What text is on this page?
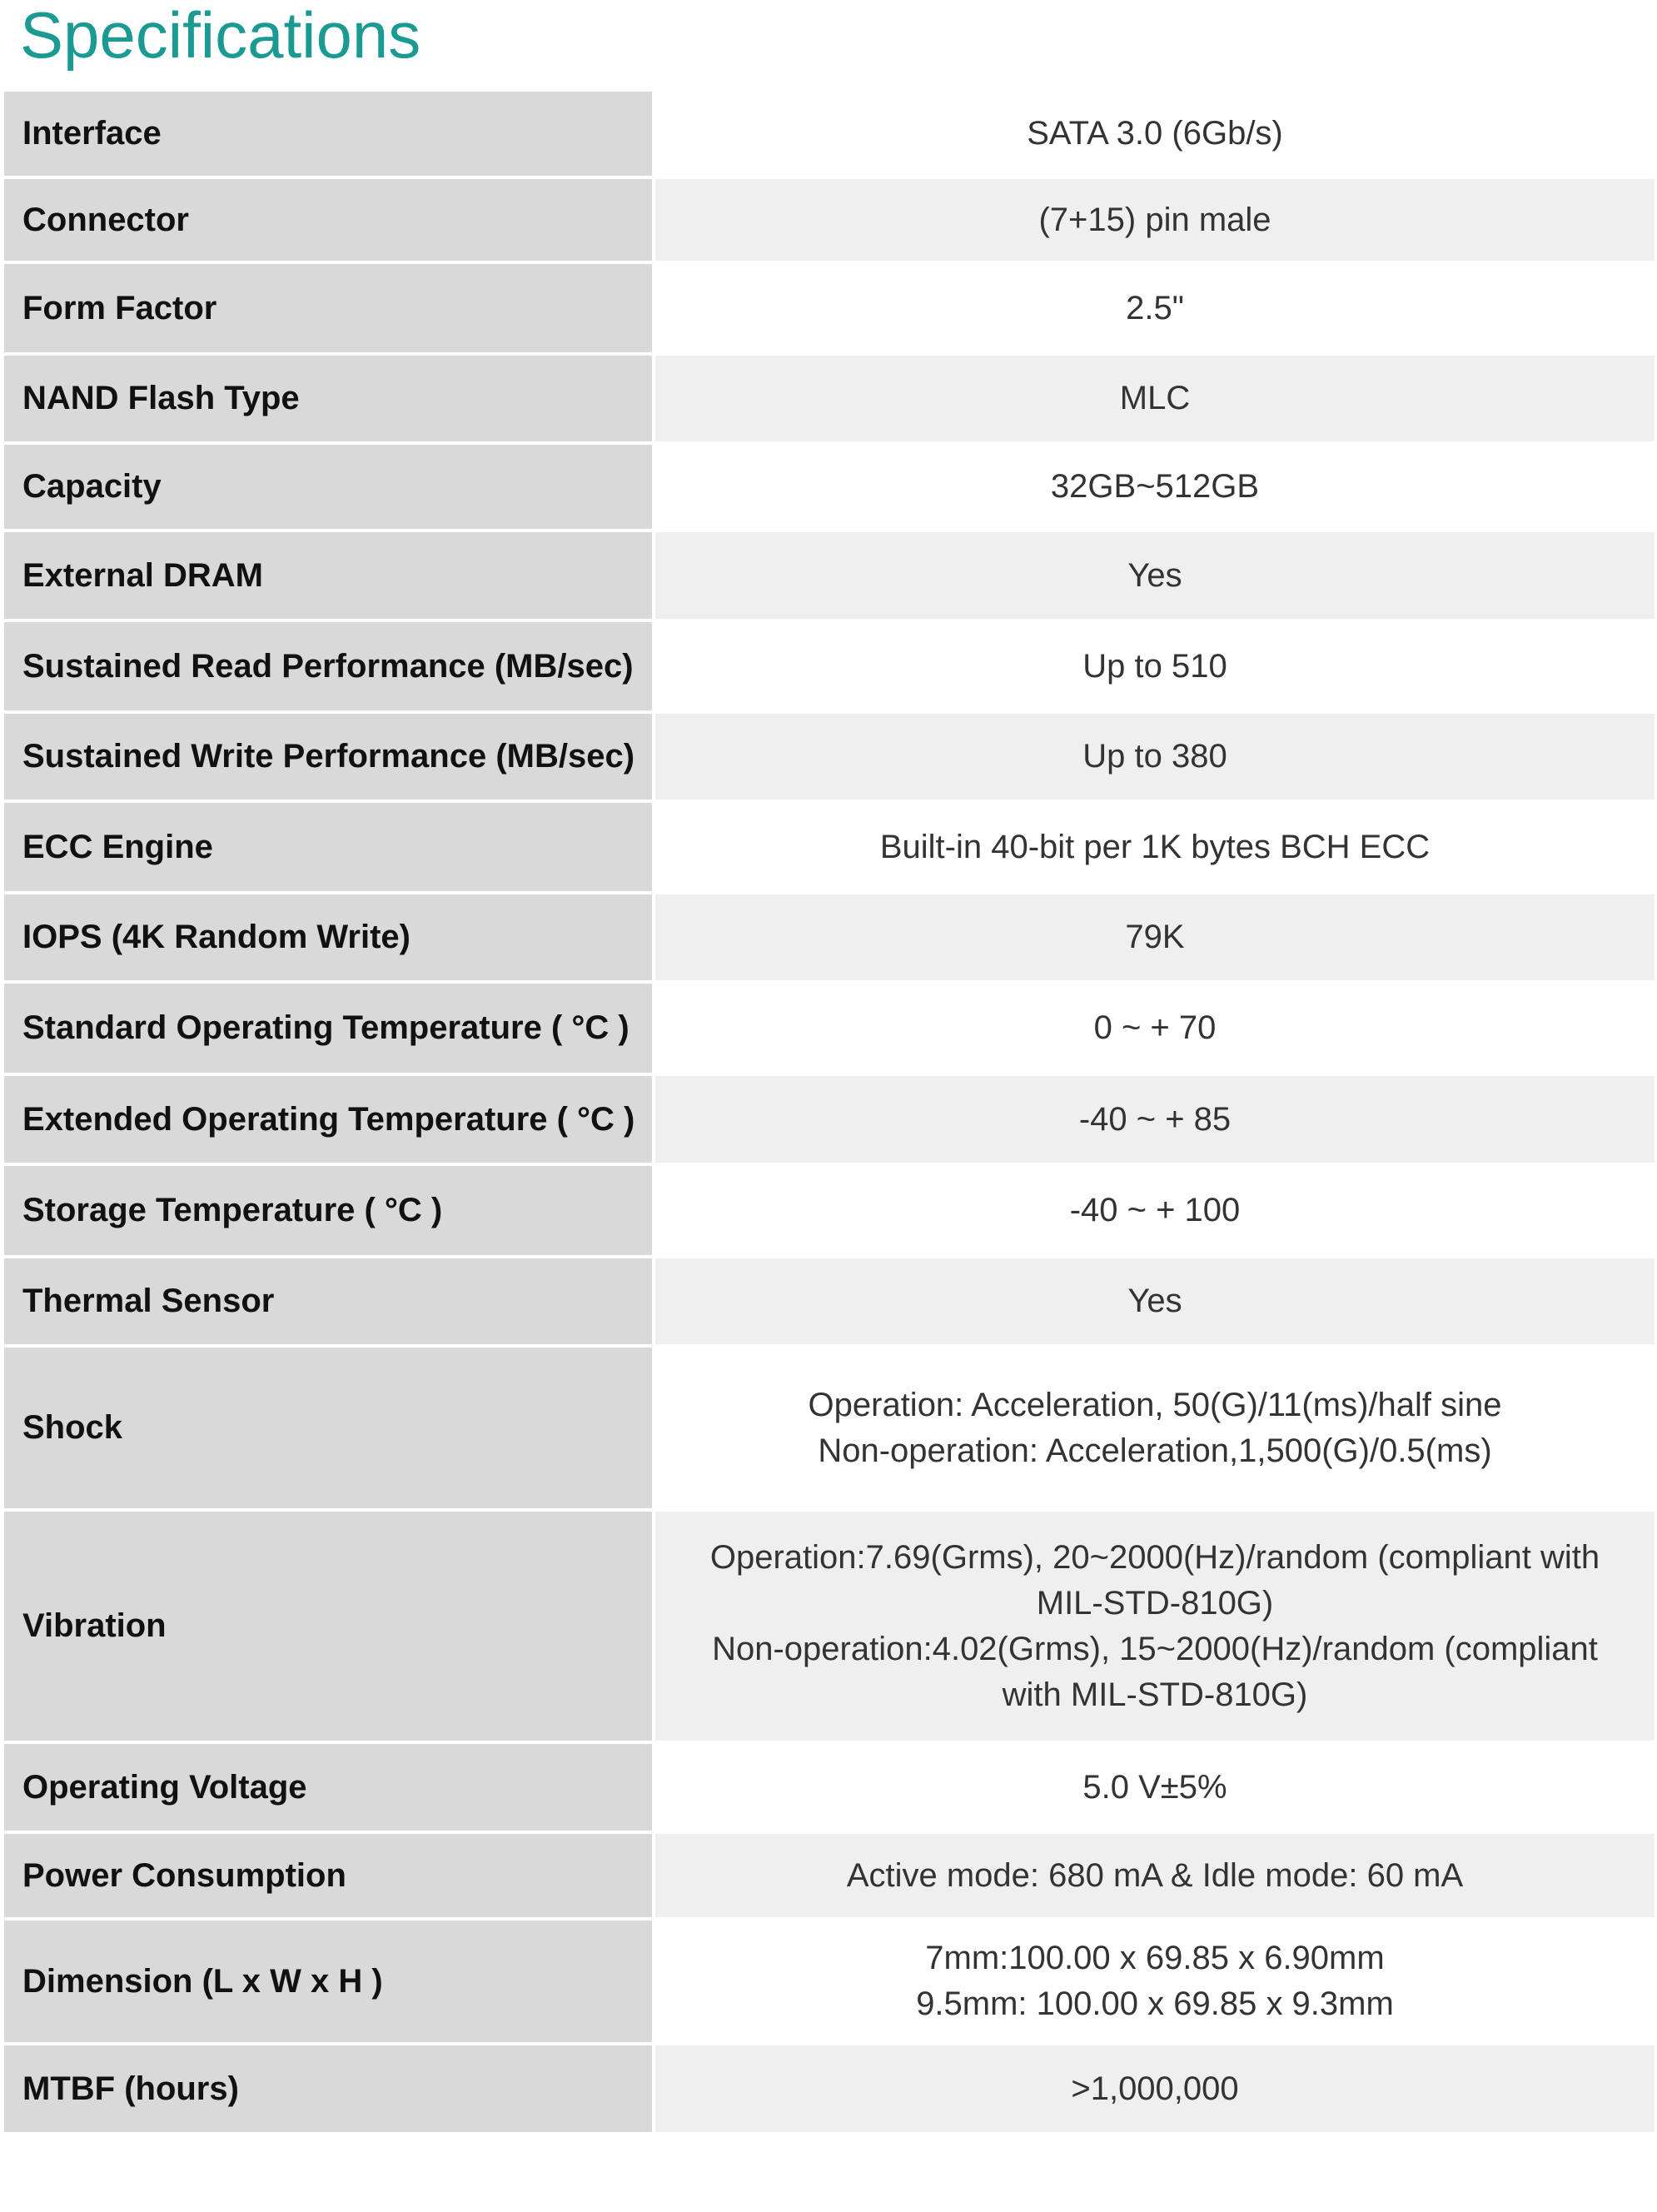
Specifications
Interface		SATA 3.0 (6Gb/s)

Connector		(7+15) pin male

Form Factor		2.5"

NAND Flash Type		MLC

Capacity		32GB~512GB

External DRAM		Yes

Sustained Read Performance (MB/sec)		Up to 510

Sustained Write Performance (MB/sec)		Up to 380

ECC Engine		Built-in 40-bit per 1K bytes BCH ECC

IOPS (4K Random Write)		79K

Standard Operating Temperature ( °C )		0 ~ + 70

Extended Operating Temperature ( °C )		-40 ~ + 85

Storage Temperature ( °C )		-40 ~ + 100

Thermal Sensor		Yes

Shock		Operation: Acceleration, 50(G)/11(ms)/half sine
Non-operation: Acceleration,1,500(G)/0.5(ms)

Vibration		Operation:7.69(Grms), 20~2000(Hz)/random (compliant with
MIL-STD-810G)
Non-operation:4.02(Grms), 15~2000(Hz)/random (compliant
with MIL-STD-810G)

Operating Voltage		5.0 V±5%

Power Consumption		Active mode: 680 mA & Idle mode: 60 mA

Dimension (L x W x H )		7mm:100.00 x 69.85 x 6.90mm
9.5mm: 100.00 x 69.85 x 9.3mm

MTBF (hours)		>1,000,000
